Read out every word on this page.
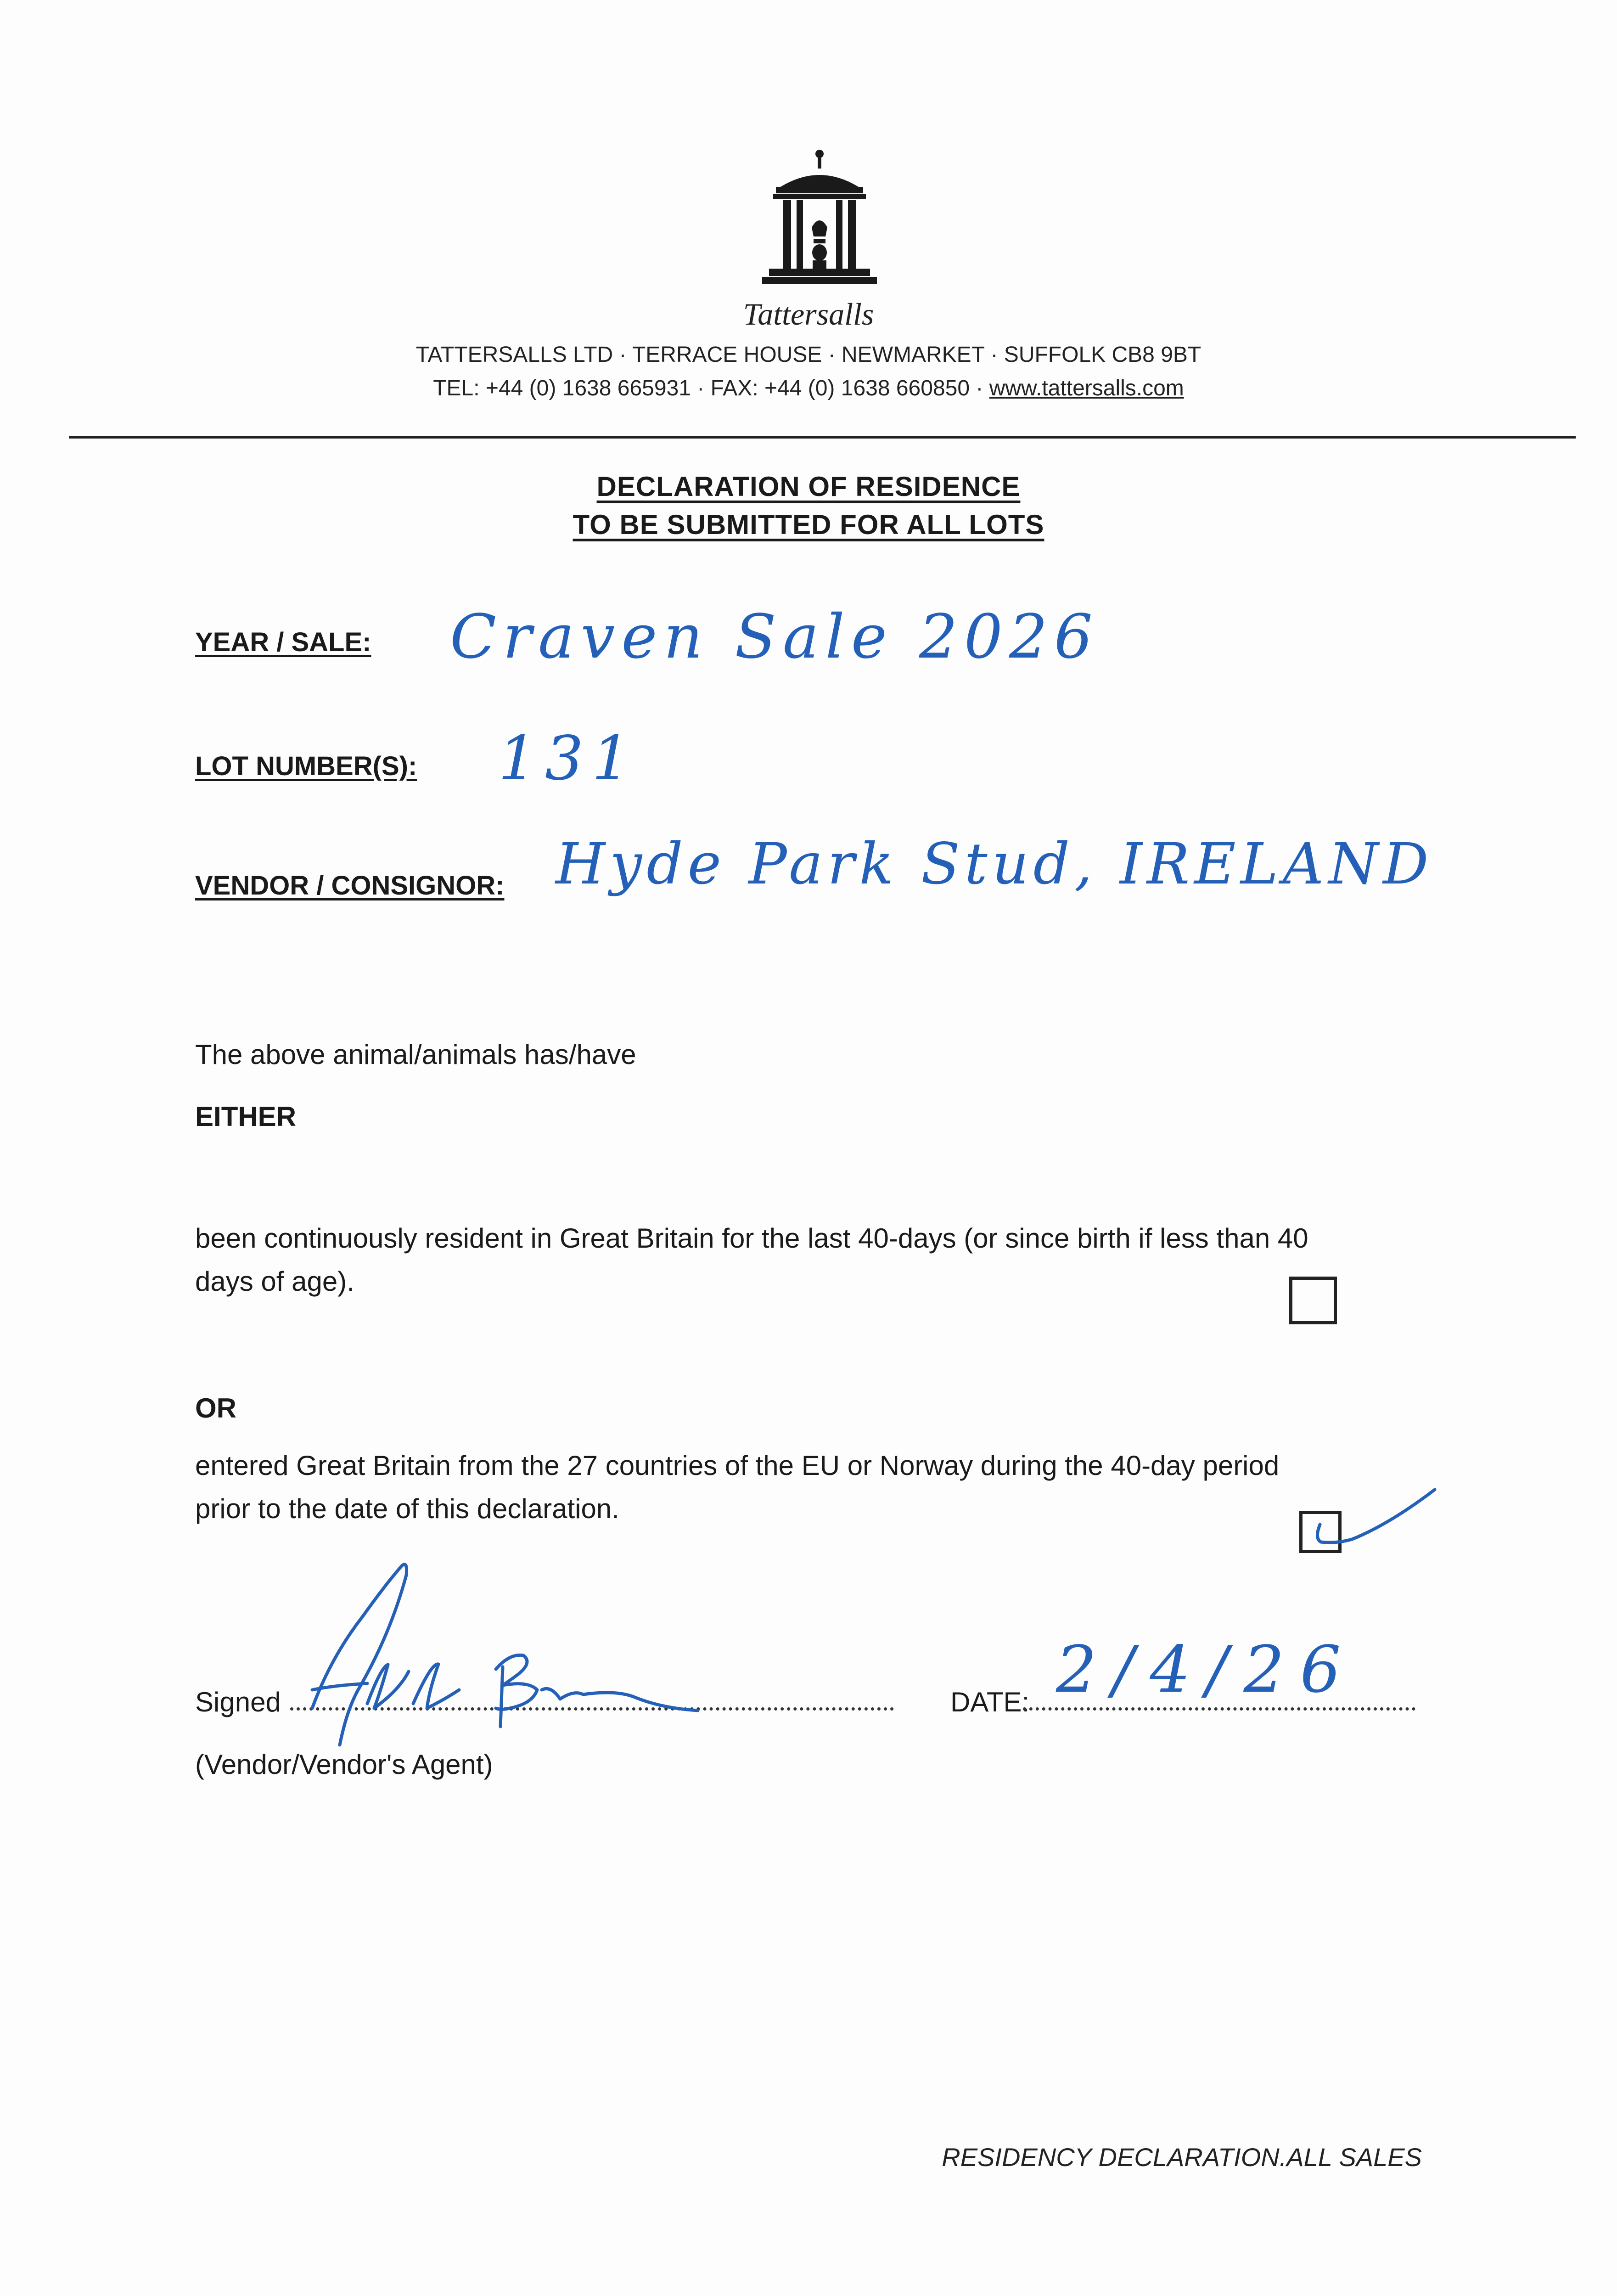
Tattersalls
TATTERSALLS LTD · TERRACE HOUSE · NEWMARKET · SUFFOLK CB8 9BT
TEL: +44 (0) 1638 665931 · FAX: +44 (0) 1638 660850 · www.tattersalls.com
DECLARATION OF RESIDENCE
TO BE SUBMITTED FOR ALL LOTS
YEAR / SALE: Craven Sale 2026
LOT NUMBER(S): 131
VENDOR / CONSIGNOR: Hyde Park Stud, IRELAND
The above animal/animals has/have
EITHER
been continuously resident in Great Britain for the last 40-days (or since birth if less than 40
days of age).
OR
entered Great Britain from the 27 countries of the EU or Norway during the 40-day period
prior to the date of this declaration.
Signed	DATE: 2/4/26
(Vendor/Vendor's Agent)
RESIDENCY DECLARATION.ALL SALES
